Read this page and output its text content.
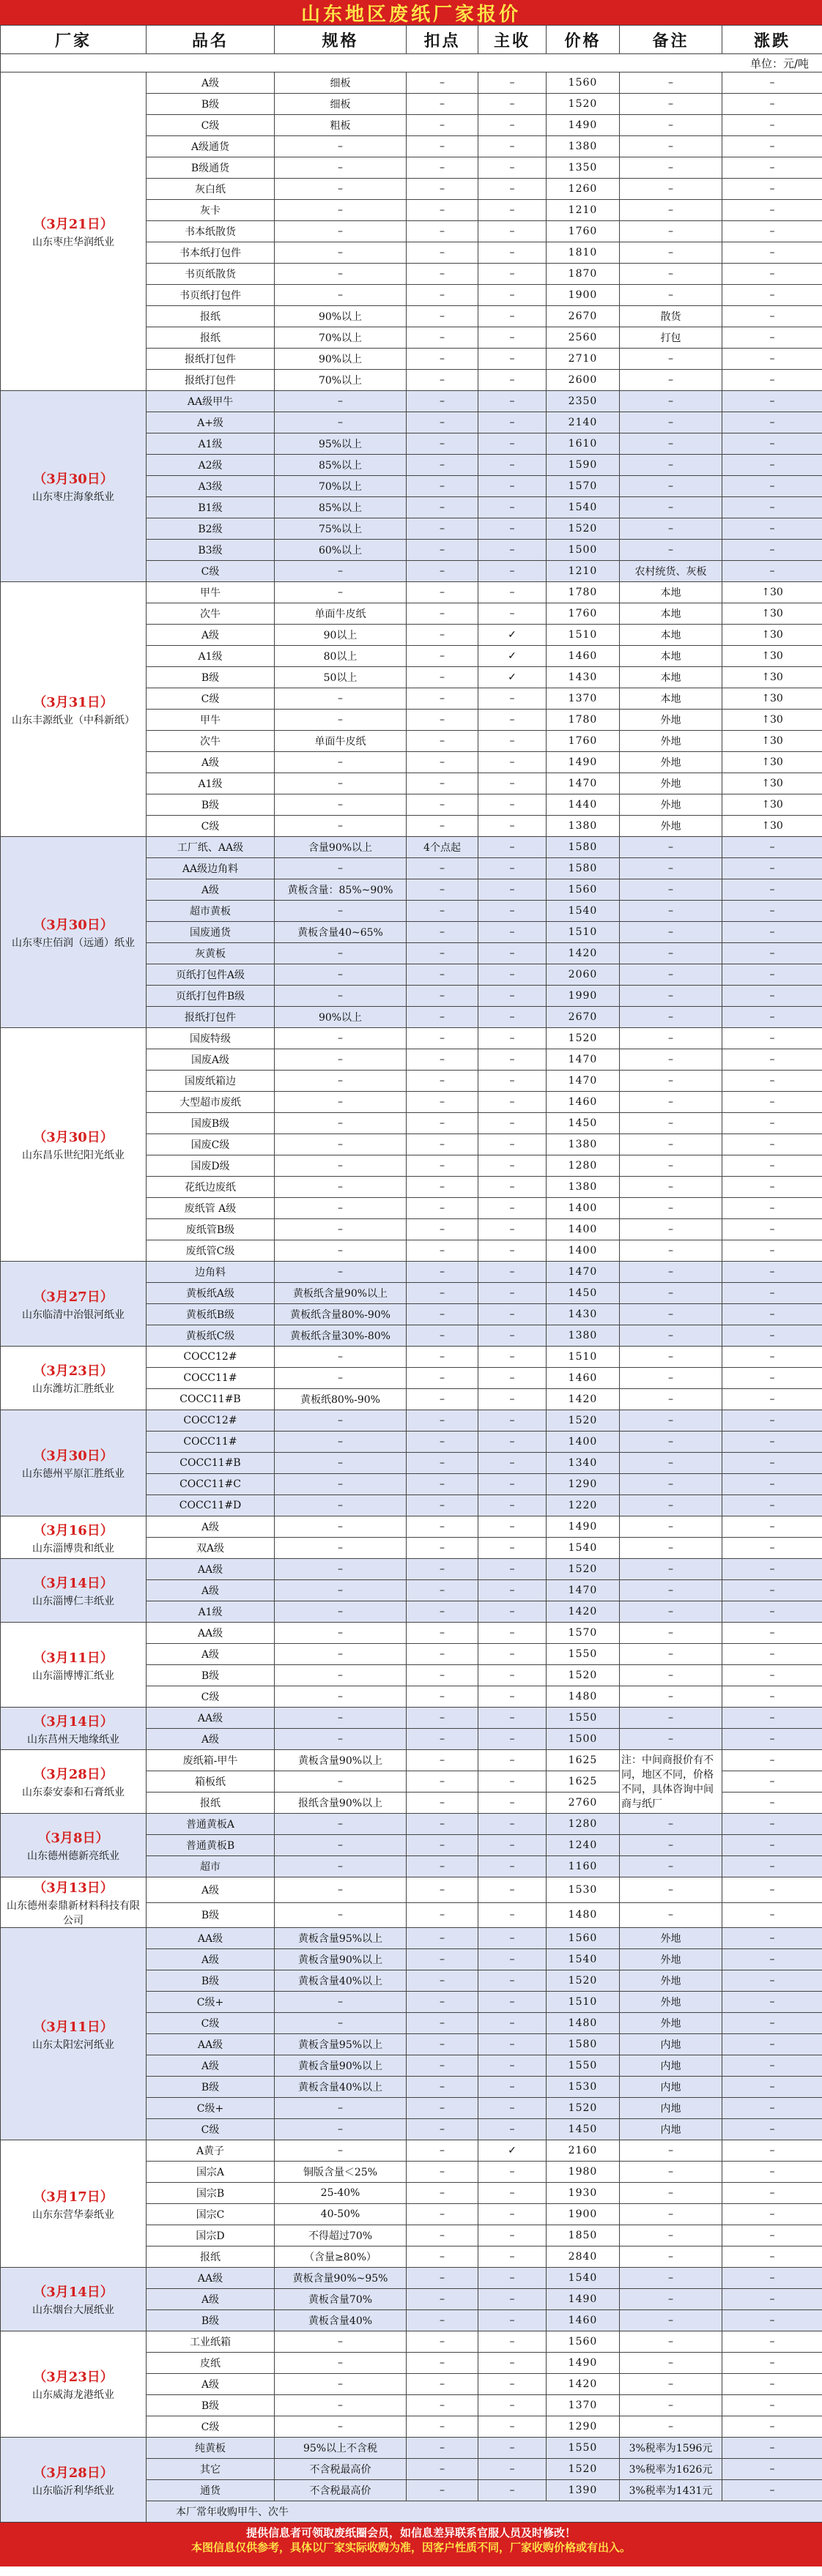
山东地区废纸厂家报价
厂家	品名	规格	扣点	主收	价格	备注	涨跌
单位：元/吨							

（3月21日）
山东枣庄华润纸业	A级	细板	–	–	1560	–	–
	B级	细板	–	–	1520	–	–
	C级	粗板	–	–	1490	–	–
	A级通货	–	–	–	1380	–	–
	B级通货	–	–	–	1350	–	–
	灰白纸	–	–	–	1260	–	–
	灰卡	–	–	–	1210	–	–
	书本纸散货	–	–	–	1760	–	–
	书本纸打包件	–	–	–	1810	–	–
	书页纸散货	–	–	–	1870	–	–
	书页纸打包件	–	–	–	1900	–	–
	报纸	90%以上	–	–	2670	散货	–
	报纸	70%以上	–	–	2560	打包	–
	报纸打包件	90%以上	–	–	2710	–	–
	报纸打包件	70%以上	–	–	2600	–	–

（3月30日）
山东枣庄海象纸业	AA级甲牛	–	–	–	2350	–	–
	A+级	–	–	–	2140	–	–
	A1级	95%以上	–	–	1610	–	–
	A2级	85%以上	–	–	1590	–	–
	A3级	70%以上	–	–	1570	–	–
	B1级	85%以上	–	–	1540	–	–
	B2级	75%以上	–	–	1520	–	–
	B3级	60%以上	–	–	1500	–	–
	C级	–	–	–	1210	农村统货、灰板	–

（3月31日）
山东丰源纸业（中科新纸）	甲牛	–	–	–	1780	本地	↑30
	次牛	单面牛皮纸	–	–	1760	本地	↑30
	A级	90以上	–	✓	1510	本地	↑30
	A1级	80以上	–	✓	1460	本地	↑30
	B级	50以上	–	✓	1430	本地	↑30
	C级	–	–	–	1370	本地	↑30
	甲牛	–	–	–	1780	外地	↑30
	次牛	单面牛皮纸	–	–	1760	外地	↑30
	A级	–	–	–	1490	外地	↑30
	A1级	–	–	–	1470	外地	↑30
	B级	–	–	–	1440	外地	↑30
	C级	–	–	–	1380	外地	↑30

（3月30日）
山东枣庄佰润（远通）纸业	工厂纸、AA级	含量90%以上	4个点起	–	1580	–	–
	AA级边角料	–	–	–	1580	–	–
	A级	黄板含量：85%~90%	–	–	1560	–	–
	超市黄板	–	–	–	1540	–	–
	国废通货	黄板含量40~65%	–	–	1510	–	–
	灰黄板	–	–	–	1420	–	–
	页纸打包件A级	–	–	–	2060	–	–
	页纸打包件B级	–	–	–	1990	–	–
	报纸打包件	90%以上	–	–	2670	–	–

（3月30日）
山东昌乐世纪阳光纸业	国废特级	–	–	–	1520	–	–
	国废A级	–	–	–	1470	–	–
	国废纸箱边	–	–	–	1470	–	–
	大型超市废纸	–	–	–	1460	–	–
	国废B级	–	–	–	1450	–	–
	国废C级	–	–	–	1380	–	–
	国废D级	–	–	–	1280	–	–
	花纸边废纸	–	–	–	1380	–	–
	废纸管 A级	–	–	–	1400	–	–
	废纸管B级	–	–	–	1400	–	–
	废纸管C级	–	–	–	1400	–	–

（3月27日）
山东临清中治银河纸业	边角料	–	–	–	1470	–	–
	黄板纸A级	黄板纸含量90%以上	–	–	1450	–	–
	黄板纸B级	黄板纸含量80%-90%	–	–	1430	–	–
	黄板纸C级	黄板纸含量30%-80%	–	–	1380	–	–

（3月23日）
山东潍坊汇胜纸业	COCC12#	–	–	–	1510	–	–
	COCC11#	–	–	–	1460	–	–
	COCC11#B	黄板纸80%-90%	–	–	1420	–	–

（3月30日）
山东德州平原汇胜纸业	COCC12#	–	–	–	1520	–	–
	COCC11#	–	–	–	1400	–	–
	COCC11#B	–	–	–	1340	–	–
	COCC11#C	–	–	–	1290	–	–
	COCC11#D	–	–	–	1220	–	–

（3月16日）
山东淄博贵和纸业	A级	–	–	–	1490	–	–
	双A级	–	–	–	1540	–	–

（3月14日）
山东淄博仁丰纸业	AA级	–	–	–	1520	–	–
	A级	–	–	–	1470	–	–
	A1级	–	–	–	1420	–	–

（3月11日）
山东淄博博汇纸业	AA级	–	–	–	1570	–	–
	A级	–	–	–	1550	–	–
	B级	–	–	–	1520	–	–
	C级	–	–	–	1480	–	–

（3月14日）
山东莒州天地缘纸业	AA级	–	–	–	1550	–	–
	A级	–	–	–	1500	–	–

（3月28日）
山东泰安泰和石膏纸业	废纸箱-甲牛	黄板含量90%以上	–	–	1625	注：中间商报价有不同，地区不同，价格不同，具体咨询中间商与纸厂	–
	箱板纸	–	–	–	1625		–
	报纸	报纸含量90%以上	–	–	2760		–

（3月8日）
山东德州德新亮纸业	普通黄板A	–	–	–	1280	–	–
	普通黄板B	–	–	–	1240	–	–
	超市	–	–	–	1160	–	–

（3月13日）
山东德州泰鼎新材料科技有限公司	A级	–	–	–	1530	–	–
	B级	–	–	–	1480	–	–

（3月11日）
山东太阳宏河纸业	AA级	黄板含量95%以上	–	–	1560	外地	–
	A级	黄板含量90%以上	–	–	1540	外地	–
	B级	黄板含量40%以上	–	–	1520	外地	–
	C级+	–	–	–	1510	外地	–
	C级	–	–	–	1480	外地	–
	AA级	黄板含量95%以上	–	–	1580	内地	–
	A级	黄板含量90%以上	–	–	1550	内地	–
	B级	黄板含量40%以上	–	–	1530	内地	–
	C级+	–	–	–	1520	内地	–
	C级	–	–	–	1450	内地	–

（3月17日）
山东东营华泰纸业	A黄子	–	–	✓	2160	–	–
	国宗A	铜版含量＜25%	–	–	1980	–	–
	国宗B	25-40%	–	–	1930	–	–
	国宗C	40-50%	–	–	1900	–	–
	国宗D	不得超过70%	–	–	1850	–	–
	报纸	（含量≥80%）	–	–	2840	–	–

（3月14日）
山东烟台大展纸业	AA级	黄板含量90%~95%	–	–	1540	–	–
	A级	黄板含量70%	–	–	1490	–	–
	B级	黄板含量40%	–	–	1460	–	–

（3月23日）
山东威海龙港纸业	工业纸箱	–	–	–	1560	–	–
	皮纸	–	–	–	1490	–	–
	A级	–	–	–	1420	–	–
	B级	–	–	–	1370	–	–
	C级	–	–	–	1290	–	–

（3月28日）
山东临沂利华纸业	纯黄板	95%以上不含税	–	–	1550	3%税率为1596元	–
	其它	不含税最高价	–	–	1520	3%税率为1626元	–
	通货	不含税最高价	–	–	1390	3%税率为1431元	–
	本厂常年收购甲牛、次牛						
提供信息者可领取废纸圈会员，如信息差异联系官服人员及时修改！
本图信息仅供参考，具体以厂家实际收购为准，因客户性质不同，厂家收购价格或有出入。
